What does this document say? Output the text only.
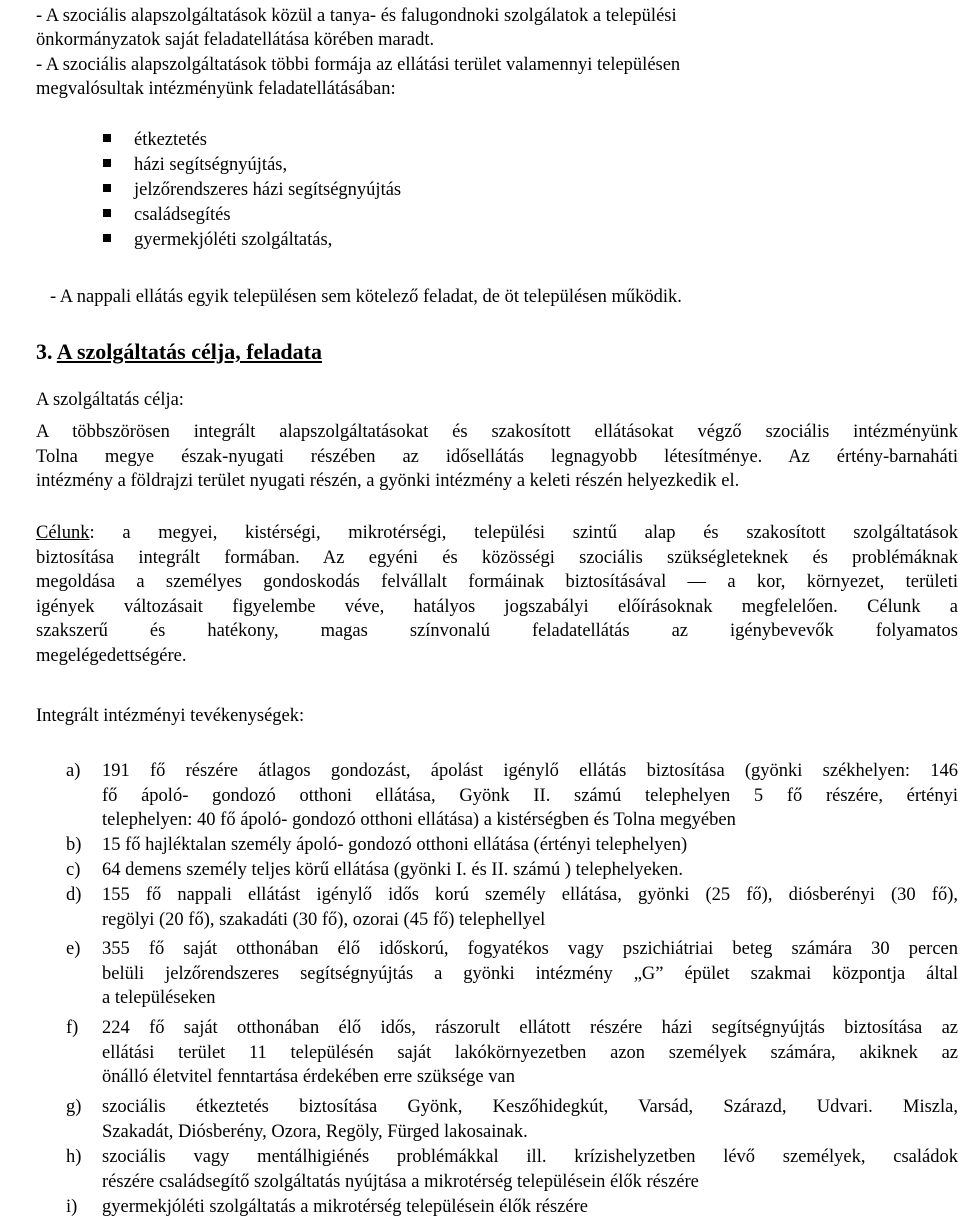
- A szociális alapszolgáltatások közül a tanya- és falugondnoki szolgálatok a települési
önkormányzatok saját feladatellátása körében maradt.
- A szociális alapszolgáltatások többi formája az ellátási terület valamennyi településen
megvalósultak intézményünk feladatellátásában:
étkeztetés
házi segítségnyújtás,
jelzőrendszeres házi segítségnyújtás
családsegítés
gyermekjóléti szolgáltatás,
- A nappali ellátás egyik településen sem kötelező feladat, de öt településen működik.
3. A szolgáltatás célja, feladata
A szolgáltatás célja:
A többszörösen integrált alapszolgáltatásokat és szakosított ellátásokat végző szociális intézményünk
Tolna megye észak-nyugati részében az idősellátás legnagyobb létesítménye. Az értény-barnaháti
intézmény a földrajzi terület nyugati részén, a gyönki intézmény a keleti részén helyezkedik el.
Célunk: a megyei, kistérségi, mikrotérségi, települési szintű alap és szakosított szolgáltatások
biztosítása integrált formában. Az egyéni és közösségi szociális szükségleteknek és problémáknak
megoldása a személyes gondoskodás felvállalt formáinak biztosításával ― a kor, környezet, területi
igények változásait figyelembe véve, hatályos jogszabályi előírásoknak megfelelően. Célunk a
szakszerű és hatékony, magas színvonalú feladatellátás az igénybevevők folyamatos
megelégedettségére.
Integrált intézményi tevékenységek:
a) 191 fő részére átlagos gondozást, ápolást igénylő ellátás biztosítása (gyönki székhelyen: 146
fő ápoló- gondozó otthoni ellátása, Gyönk II. számú telephelyen 5 fő részére, értényi
telephelyen: 40 fő ápoló- gondozó otthoni ellátása) a kistérségben és Tolna megyében
b) 15 fő hajléktalan személy ápoló- gondozó otthoni ellátása (értényi telephelyen)
c) 64 demens személy teljes körű ellátása (gyönki I. és II. számú ) telephelyeken.
d) 155 fő nappali ellátást igénylő idős korú személy ellátása, gyönki (25 fő), diósberényi (30 fő),
regölyi (20 fő), szakadáti (30 fő), ozorai (45 fő) telephellyel
e) 355 fő saját otthonában élő időskorú, fogyatékos vagy pszichiátriai beteg számára 30 percen
belüli jelzőrendszeres segítségnyújtás a gyönki intézmény „G” épület szakmai központja által
a településeken
f) 224 fő saját otthonában élő idős, rászorult ellátott részére házi segítségnyújtás biztosítása az
ellátási terület 11 településén saját lakókörnyezetben azon személyek számára, akiknek az
önálló életvitel fenntartása érdekében erre szüksége van
g) szociális étkeztetés biztosítása Gyönk, Keszőhidegkút, Varsád, Szárazd, Udvari. Miszla,
Szakadát, Diósberény, Ozora, Regöly, Fürged lakosainak.
h) szociális vagy mentálhigiénés problémákkal ill. krízishelyzetben lévő személyek, családok
részére családsegítő szolgáltatás nyújtása a mikrotérség településein élők részére
i) gyermekjóléti szolgáltatás a mikrotérség településein élők részére
